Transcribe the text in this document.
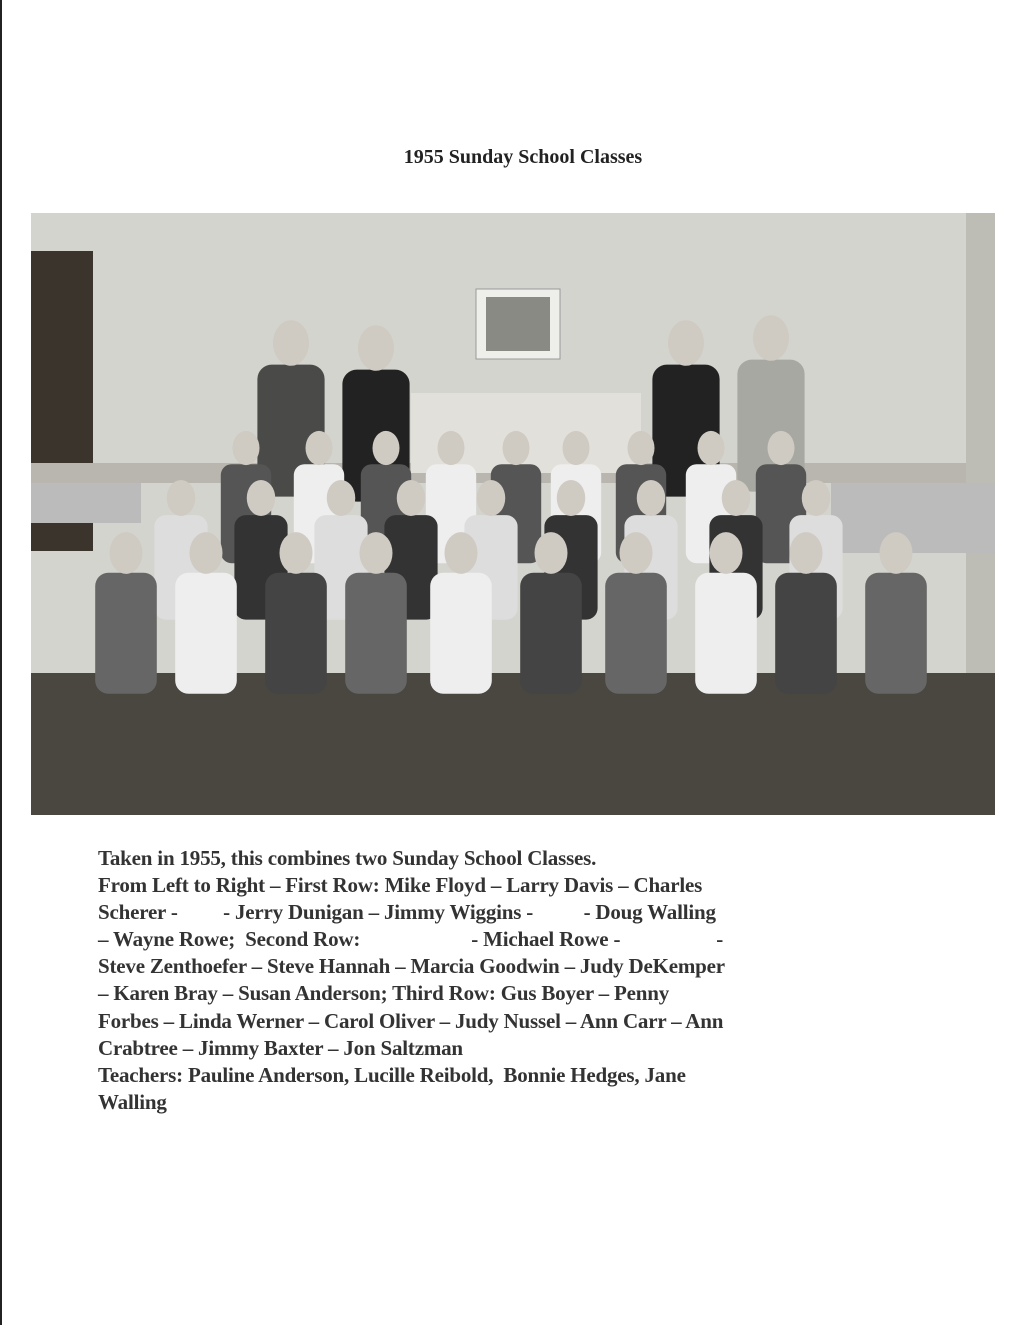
1955 Sunday School Classes
Taken in 1955, this combines two Sunday School Classes.
From Left to Right – First Row: Mike Floyd – Larry Davis – Charles
Scherer -         - Jerry Dunigan – Jimmy Wiggins -          - Doug Walling
– Wayne Rowe;  Second Row:                      - Michael Rowe -                   -
Steve Zenthoefer – Steve Hannah – Marcia Goodwin – Judy DeKemper
– Karen Bray – Susan Anderson; Third Row: Gus Boyer – Penny
Forbes – Linda Werner – Carol Oliver – Judy Nussel – Ann Carr – Ann
Crabtree – Jimmy Baxter – Jon Saltzman
Teachers: Pauline Anderson, Lucille Reibold,  Bonnie Hedges, Jane
Walling
